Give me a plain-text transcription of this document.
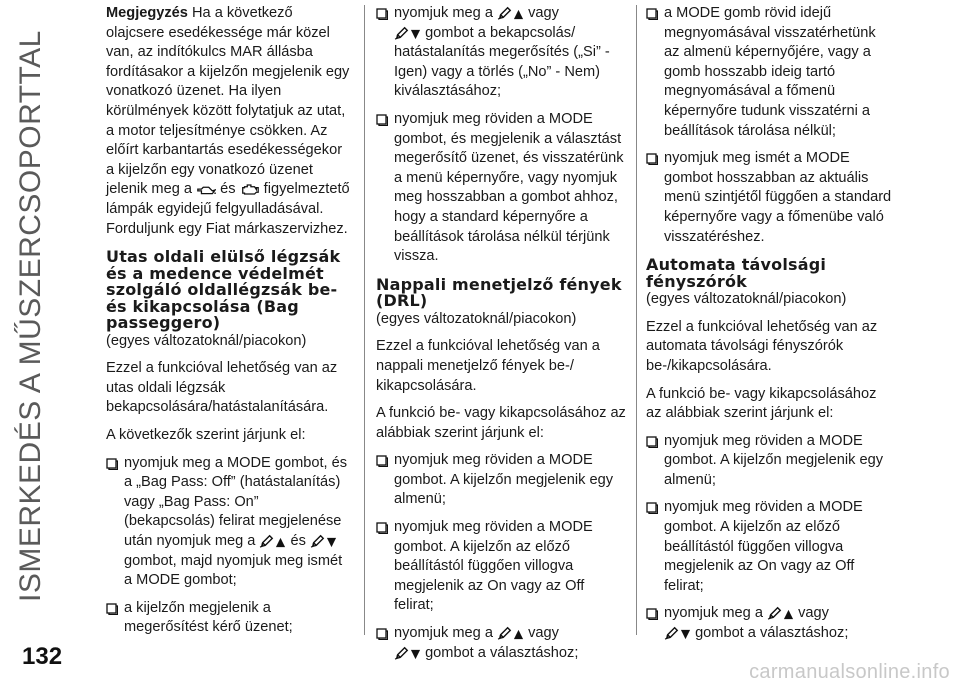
ISMERKEDÉS A MŰSZERCSOPORTTAL
132

Megjegyzés Ha a következő olajcsere esedékessége már közel van, az indítókulcs MAR állásba fordításakor a kijelzőn megjelenik egy vonatkozó üzenet. Ha ilyen körülmények között folytatjuk az utat, a motor teljesítménye csökken. Az előírt karbantartás esedékességekor a kijelzőn egy vonatkozó üzenet jelenik meg a és figyelmeztető lámpák egyidejű felgyulladásával. Forduljunk egy Fiat márkaszervizhez.

Utas oldali elülső légzsák és a medence védelmét szolgáló oldallégzsák be- és kikapcsolása (Bag passeggero)
(egyes változatoknál/piacokon)

Ezzel a funkcióval lehetőség van az utas oldali légzsák bekapcsolására/hatástalanítására.

A következők szerint járjunk el:

nyomjuk meg a MODE gombot, és a „Bag Pass: Off” (hatástalanítás) vagy „Bag Pass: On” (bekapcsolás) felirat megjelenése után nyomjuk meg a és  gombot, majd nyomjuk meg ismét a MODE gombot;
a kijelzőn megjelenik a megerősítést kérő üzenet;
nyomjuk meg a vagy
gombot a bekapcsolás/ hatástalanítás megerősítés („Si” - Igen) vagy a törlés („No” - Nem) kiválasztásához;
nyomjuk meg röviden a MODE gombot, és megjelenik a választást megerősítő üzenet, és visszatérünk a menü képernyőre, vagy nyomjuk meg hosszabban a gombot ahhoz, hogy a standard képernyőre a beállítások tárolása nélkül térjünk vissza.
Nappali menetjelző fények (DRL)
(egyes változatoknál/piacokon)

Ezzel a funkcióval lehetőség van a nappali menetjelző fények be-/ kikapcsolására.

A funkció be- vagy kikapcsolásához az alábbiak szerint járjunk el:

nyomjuk meg röviden a MODE gombot. A kijelzőn megjelenik egy almenü;
nyomjuk meg röviden a MODE gombot. A kijelzőn az előző beállítástól függően villogva megjelenik az On vagy az Off felirat;
nyomjuk meg a vagy
gombot a választáshoz;
a MODE gomb rövid idejű megnyomásával visszatérhetünk az almenü képernyőjére, vagy a gomb hosszabb ideig tartó megnyomásával a főmenü képernyőre tudunk visszatérni a beállítások tárolása nélkül;
nyomjuk meg ismét a MODE gombot hosszabban az aktuális menü szintjétől függően a standard képernyőre vagy a főmenübe való visszatéréshez.
Automata távolsági fényszórók
(egyes változatoknál/piacokon)

Ezzel a funkcióval lehetőség van az automata távolsági fényszórók be-/kikapcsolására.

A funkció be- vagy kikapcsolásához az alábbiak szerint járjunk el:

nyomjuk meg röviden a MODE gombot. A kijelzőn megjelenik egy almenü;
nyomjuk meg röviden a MODE gombot. A kijelzőn az előző beállítástól függően villogva megjelenik az On vagy az Off felirat;
nyomjuk meg a vagy
gombot a választáshoz;
carmanualsonline.info
